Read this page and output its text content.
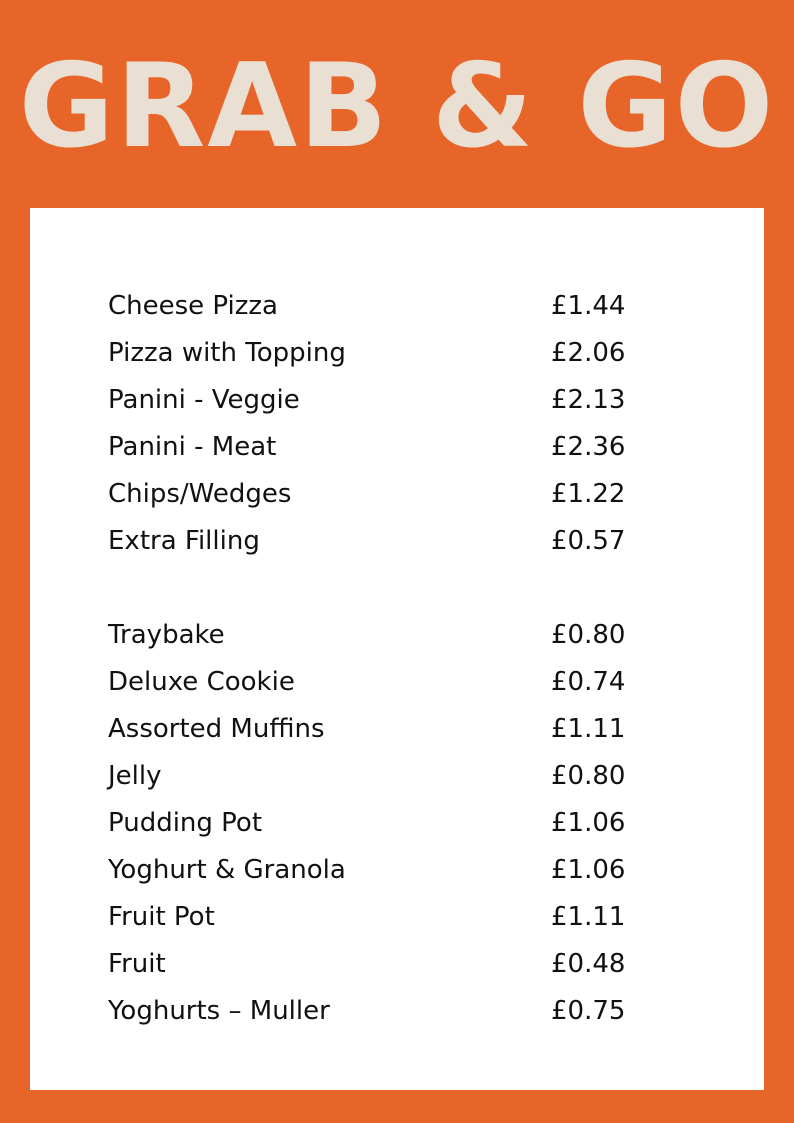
GRAB & GO
Cheese Pizza	£1.44
Pizza with Topping	£2.06
Panini - Veggie	£2.13
Panini - Meat	£2.36
Chips/Wedges	£1.22
Extra Filling	£0.57
Traybake	£0.80
Deluxe Cookie	£0.74
Assorted Muffins	£1.11
Jelly	£0.80
Pudding Pot	£1.06
Yoghurt & Granola	£1.06
Fruit Pot	£1.11
Fruit	£0.48
Yoghurts – Muller	£0.75
